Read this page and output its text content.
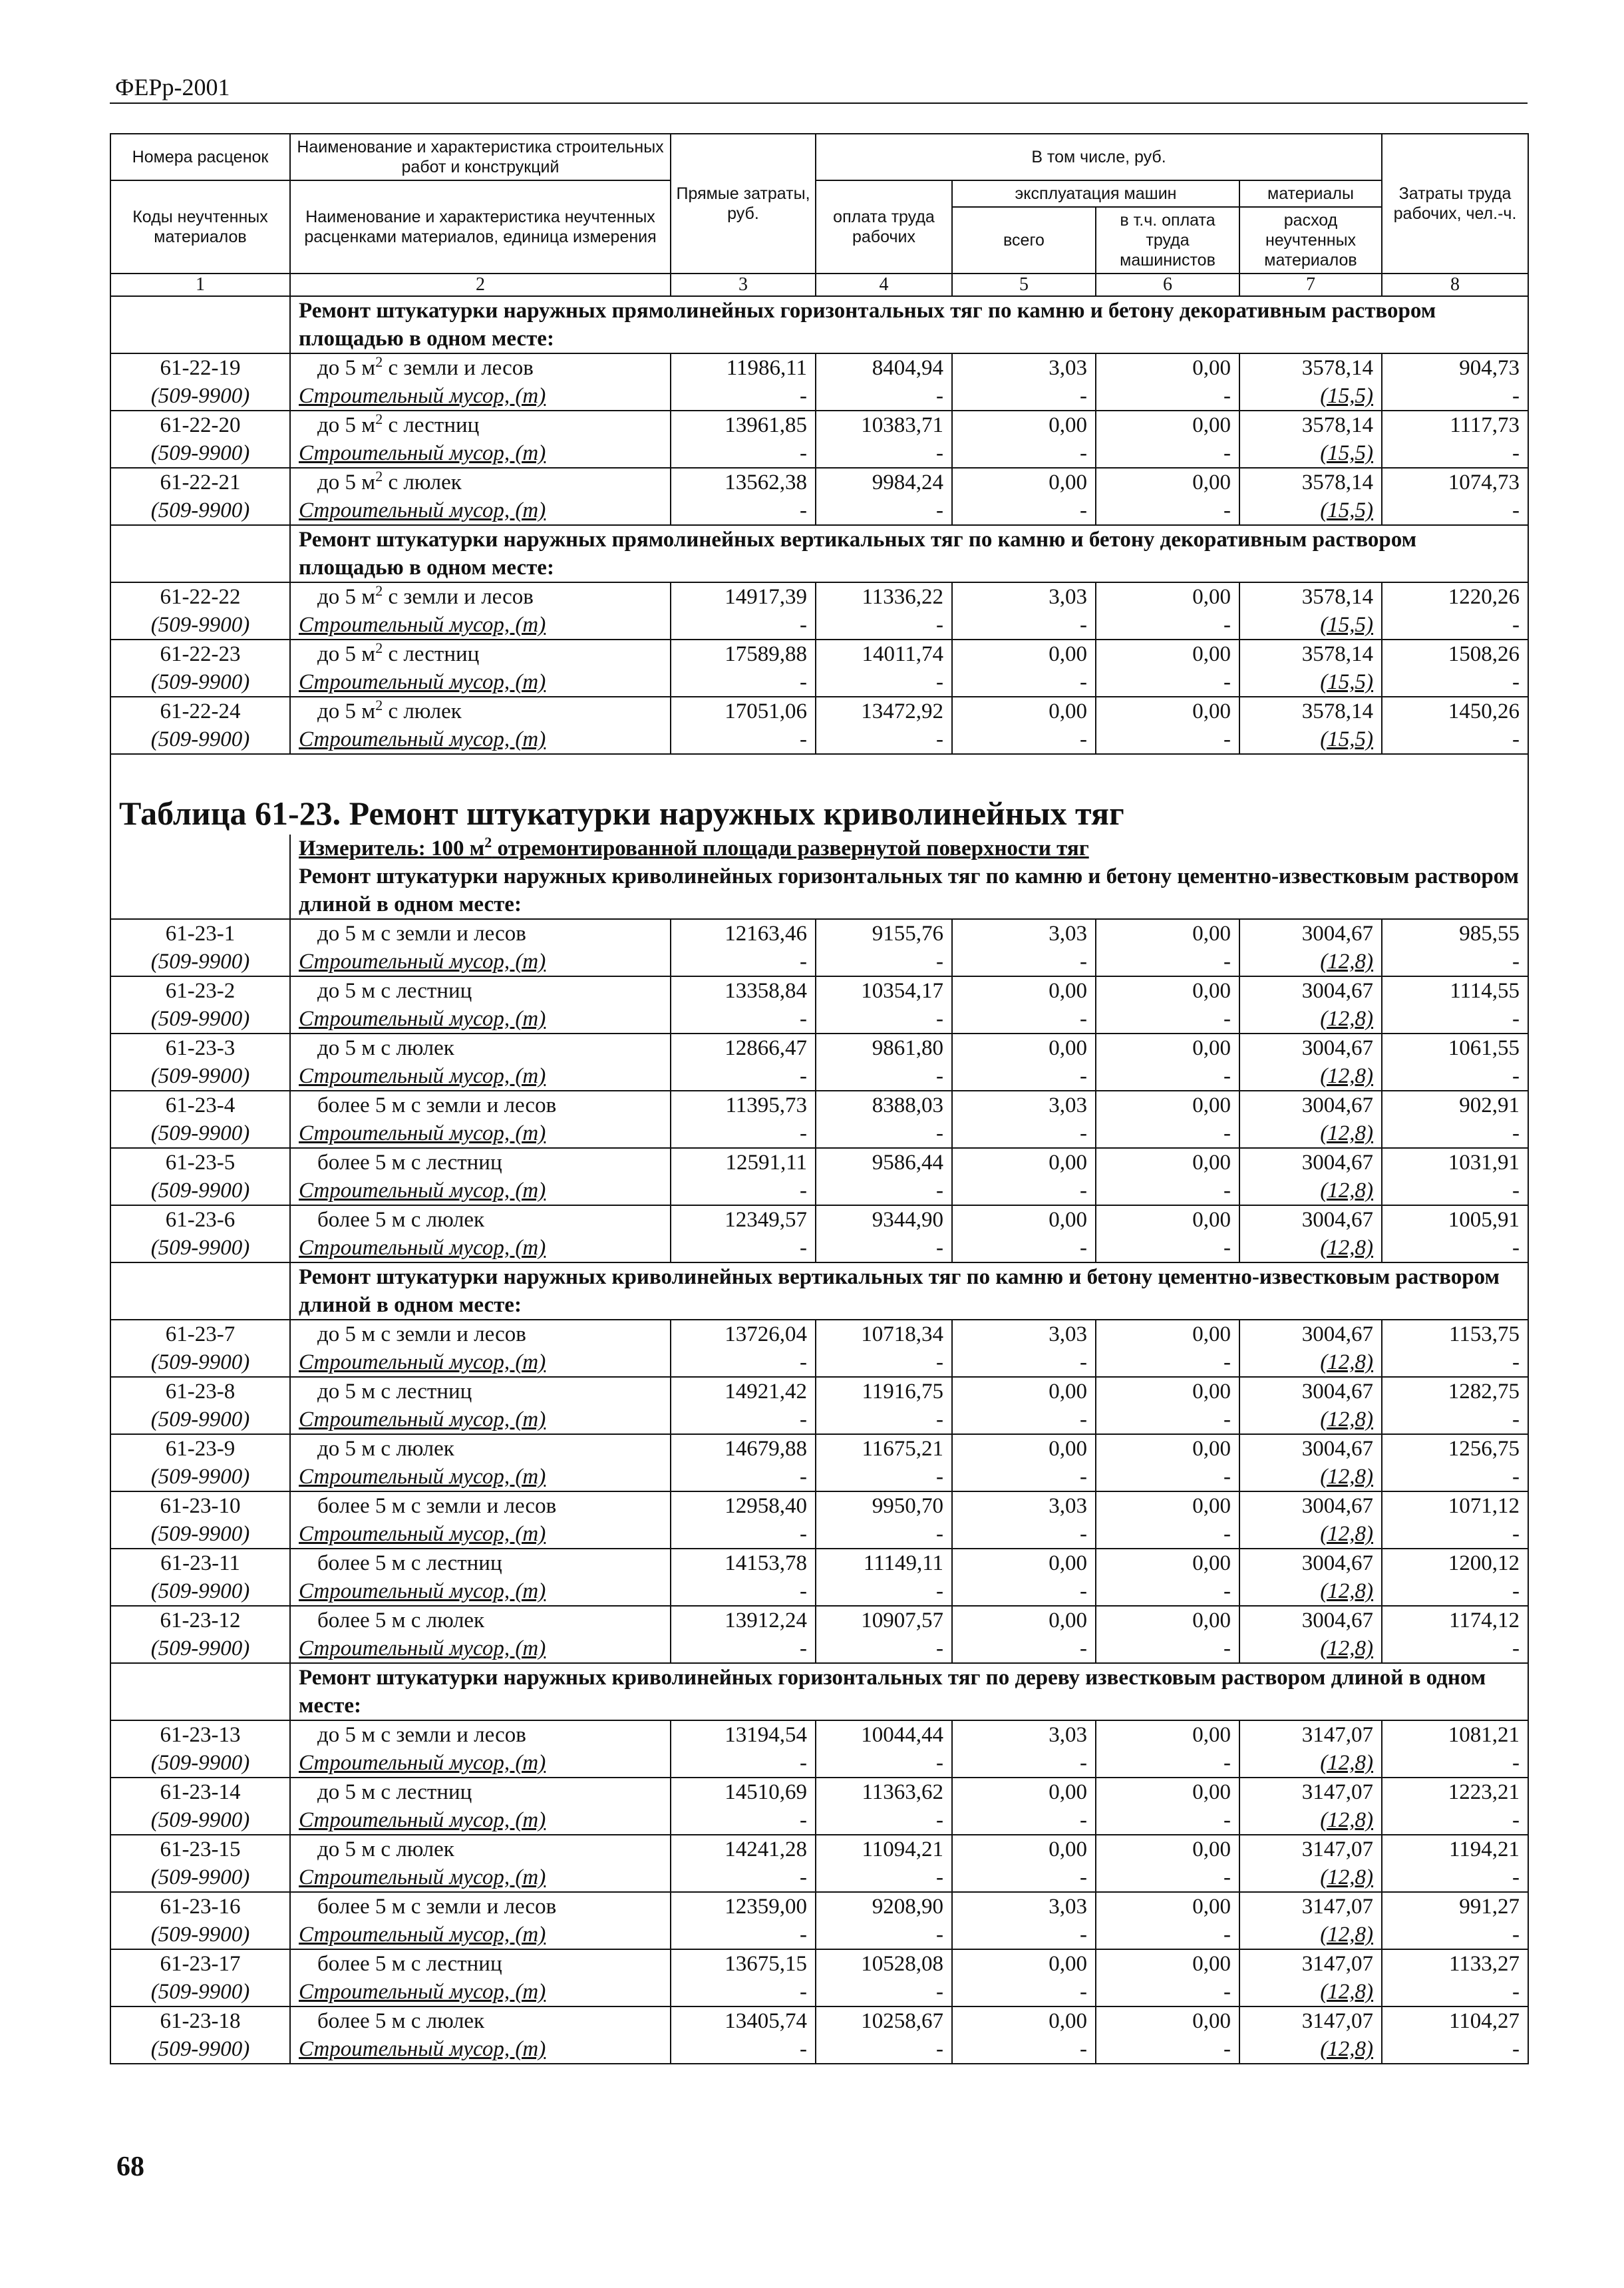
ФЕРр-2001
Номера расценок	Наименование и характеристика строительных работ и конструкций	Прямые затраты, руб.	В том числе, руб.				Затраты труда рабочих, чел.-ч.	
Коды неучтенных материалов	Наименование и характеристика неучтенных расценками материалов, единица измерения		оплата труда рабочих	эксплуатация машин		материалы		
				всего	в т.ч. оплата труда машинистов	расход неучтенных материалов		

1	2	3	4	5	6	7	8	
	Ремонт штукатурки наружных прямолинейных горизонтальных тяг по камню и бетону декоративным раствором площадью в одном месте:							
61-22-19	до 5 $м^2$ с земли и лесов	11986,11	8404,94	3,03	0,00	3578,14	904,73	
(509-9900)	Строительный мусор, (т)	-	-	-	-	(15,5)	-	
61-22-20	до 5 $м^2$ с лестниц	13961,85	10383,71	0,00	0,00	3578,14	1117,73	
(509-9900)	Строительный мусор, (т)	-	-	-	-	(15,5)	-	
61-22-21	до 5 $м^2$ с люлек	13562,38	9984,24	0,00	0,00	3578,14	1074,73	
(509-9900)	Строительный мусор, (т)	-	-	-	-	(15,5)	-	
	Ремонт штукатурки наружных прямолинейных вертикальных тяг по камню и бетону декоративным раствором площадью в одном месте:							
61-22-22	до 5 $м^2$ с земли и лесов	14917,39	11336,22	3,03	0,00	3578,14	1220,26	
(509-9900)	Строительный мусор, (т)	-	-	-	-	(15,5)	-	
61-22-23	до 5 $м^2$ с лестниц	17589,88	14011,74	0,00	0,00	3578,14	1508,26	
(509-9900)	Строительный мусор, (т)	-	-	-	-	(15,5)	-	
61-22-24	до 5 $м^2$ с люлек	17051,06	13472,92	0,00	0,00	3578,14	1450,26	
(509-9900)	Строительный мусор, (т)	-	-	-	-	(15,5)	-	

Таблица 61-23. Ремонт штукатурки наружных криволинейных тяг								
	Измеритель: 100 $м^2$ отремонтированной площади развернутой поверхности тяг							
	Ремонт штукатурки наружных криволинейных горизонтальных тяг по камню и бетону цементно-известковым раствором длиной в одном месте:							
61-23-1	до 5 м с земли и лесов	12163,46	9155,76	3,03	0,00	3004,67	985,55	
(509-9900)	Строительный мусор, (т)	-	-	-	-	(12,8)	-	
61-23-2	до 5 м с лестниц	13358,84	10354,17	0,00	0,00	3004,67	1114,55	
(509-9900)	Строительный мусор, (т)	-	-	-	-	(12,8)	-	
61-23-3	до 5 м с люлек	12866,47	9861,80	0,00	0,00	3004,67	1061,55	
(509-9900)	Строительный мусор, (т)	-	-	-	-	(12,8)	-	
61-23-4	более 5 м с земли и лесов	11395,73	8388,03	3,03	0,00	3004,67	902,91	
(509-9900)	Строительный мусор, (т)	-	-	-	-	(12,8)	-	
61-23-5	более 5 м с лестниц	12591,11	9586,44	0,00	0,00	3004,67	1031,91	
(509-9900)	Строительный мусор, (т)	-	-	-	-	(12,8)	-	
61-23-6	более 5 м с люлек	12349,57	9344,90	0,00	0,00	3004,67	1005,91	
(509-9900)	Строительный мусор, (т)	-	-	-	-	(12,8)	-	
	Ремонт штукатурки наружных криволинейных вертикальных тяг по камню и бетону цементно-известковым раствором длиной в одном месте:							
61-23-7	до 5 м с земли и лесов	13726,04	10718,34	3,03	0,00	3004,67	1153,75	
(509-9900)	Строительный мусор, (т)	-	-	-	-	(12,8)	-	
61-23-8	до 5 м с лестниц	14921,42	11916,75	0,00	0,00	3004,67	1282,75	
(509-9900)	Строительный мусор, (т)	-	-	-	-	(12,8)	-	
61-23-9	до 5 м с люлек	14679,88	11675,21	0,00	0,00	3004,67	1256,75	
(509-9900)	Строительный мусор, (т)	-	-	-	-	(12,8)	-	
61-23-10	более 5 м с земли и лесов	12958,40	9950,70	3,03	0,00	3004,67	1071,12	
(509-9900)	Строительный мусор, (т)	-	-	-	-	(12,8)	-	
61-23-11	более 5 м с лестниц	14153,78	11149,11	0,00	0,00	3004,67	1200,12	
(509-9900)	Строительный мусор, (т)	-	-	-	-	(12,8)	-	
61-23-12	более 5 м с люлек	13912,24	10907,57	0,00	0,00	3004,67	1174,12	
(509-9900)	Строительный мусор, (т)	-	-	-	-	(12,8)	-	
	Ремонт штукатурки наружных криволинейных горизонтальных тяг по дереву известковым раствором длиной в одном месте:							
61-23-13	до 5 м с земли и лесов	13194,54	10044,44	3,03	0,00	3147,07	1081,21	
(509-9900)	Строительный мусор, (т)	-	-	-	-	(12,8)	-	
61-23-14	до 5 м с лестниц	14510,69	11363,62	0,00	0,00	3147,07	1223,21	
(509-9900)	Строительный мусор, (т)	-	-	-	-	(12,8)	-	
61-23-15	до 5 м с люлек	14241,28	11094,21	0,00	0,00	3147,07	1194,21	
(509-9900)	Строительный мусор, (т)	-	-	-	-	(12,8)	-	
61-23-16	более 5 м с земли и лесов	12359,00	9208,90	3,03	0,00	3147,07	991,27	
(509-9900)	Строительный мусор, (т)	-	-	-	-	(12,8)	-	
61-23-17	более 5 м с лестниц	13675,15	10528,08	0,00	0,00	3147,07	1133,27	
(509-9900)	Строительный мусор, (т)	-	-	-	-	(12,8)	-	
61-23-18	более 5 м с люлек	13405,74	10258,67	0,00	0,00	3147,07	1104,27	
(509-9900)	Строительный мусор, (т)	-	-	-	-	(12,8)	-	
68
